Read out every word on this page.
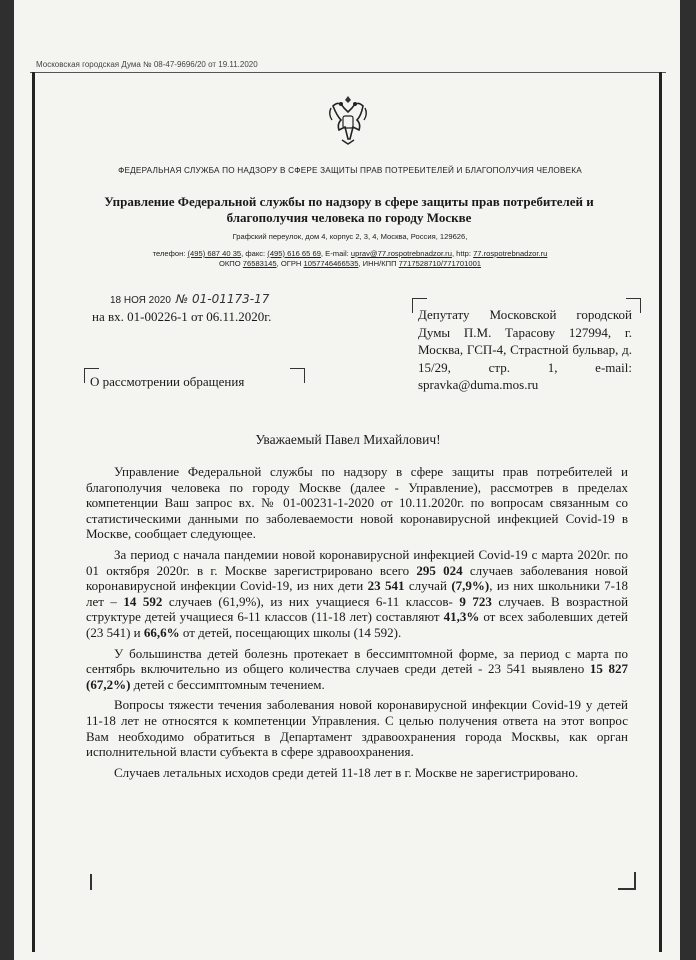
Московская городская Дума № 08-47-9696/20 от 19.11.2020
ФЕДЕРАЛЬНАЯ СЛУЖБА ПО НАДЗОРУ В СФЕРЕ ЗАЩИТЫ ПРАВ ПОТРЕБИТЕЛЕЙ И БЛАГОПОЛУЧИЯ ЧЕЛОВЕКА
Управление Федеральной службы по надзору в сфере защиты прав потребителей и благополучия человека по городу Москве
Графский переулок, дом 4, корпус 2, 3, 4, Москва, Россия, 129626,
телефон: (495) 687 40 35, факс: (495) 616 65 69, E-mail: uprav@77.rospotrebnadzor.ru, http: 77.rospotrebnadzor.ru
ОКПО 76583145, ОГРН 1057746466535, ИНН/КПП 7717528710/771701001
18 НОЯ 2020 № 01-01173-17
на вх. 01-00226-1 от 06.11.2020г.
О рассмотрении обращения
Депутату Московской городской Думы П.М. Тарасову 127994, г. Москва, ГСП-4, Страстной бульвар, д. 15/29, стр. 1, e-mail: spravka@duma.mos.ru
Уважаемый Павел Михайлович!

Управление Федеральной службы по надзору в сфере защиты прав потребителей и благополучия человека по городу Москве (далее - Управление), рассмотрев в пределах компетенции Ваш запрос вх. № 01-00231-1-2020 от 10.11.2020г. по вопросам связанным со статистическими данными по заболеваемости новой коронавирусной инфекцией Covid-19 в Москве, сообщает следующее.

За период с начала пандемии новой коронавирусной инфекцией Covid-19 с марта 2020г. по 01 октября 2020г. в г. Москве зарегистрировано всего 295 024 случаев заболевания новой коронавирусной инфекции Covid-19, из них дети 23 541 случай (7,9%), из них школьники 7-18 лет – 14 592 случаев (61,9%), из них учащиеся 6-11 классов- 9 723 случаев. В возрастной структуре детей учащиеся 6-11 классов (11-18 лет) составляют 41,3% от всех заболевших детей (23 541) и 66,6% от детей, посещающих школы (14 592).

У большинства детей болезнь протекает в бессимптомной форме, за период с марта по сентябрь включительно из общего количества случаев среди детей - 23 541 выявлено 15 827 (67,2%) детей с бессимптомным течением.

Вопросы тяжести течения заболевания новой коронавирусной инфекции Covid-19 у детей 11-18 лет не относятся к компетенции Управления. С целью получения ответа на этот вопрос Вам необходимо обратиться в Департамент здравоохранения города Москвы, как орган исполнительной власти субъекта в сфере здравоохранения.

Случаев летальных исходов среди детей 11-18 лет в г. Москве не зарегистрировано.
